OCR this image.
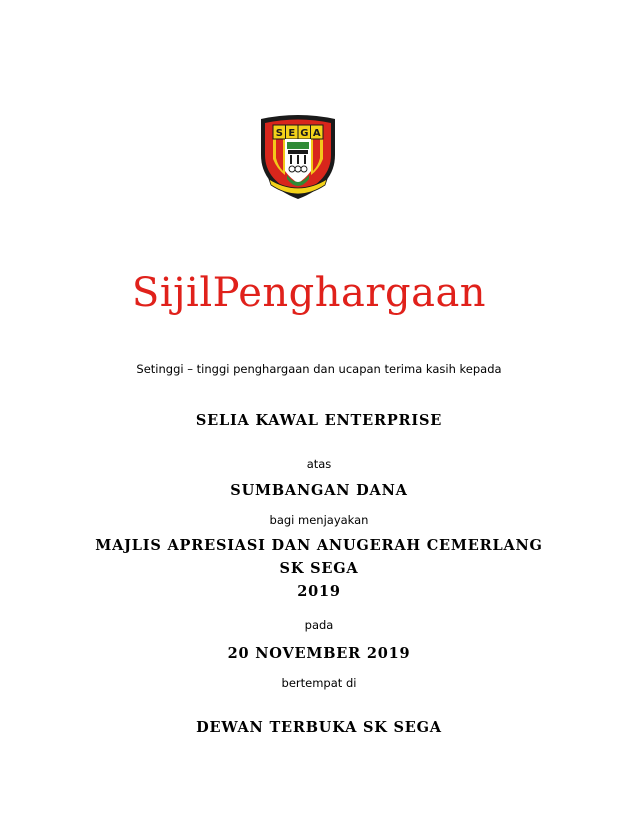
S E G A
SijilPenghargaan
Setinggi – tinggi penghargaan dan ucapan terima kasih kepada
SELIA KAWAL ENTERPRISE
atas
SUMBANGAN DANA
bagi menjayakan
MAJLIS APRESIASI DAN ANUGERAH CEMERLANG
SK SEGA
2019
pada
20 NOVEMBER 2019
bertempat di
DEWAN TERBUKA SK SEGA
